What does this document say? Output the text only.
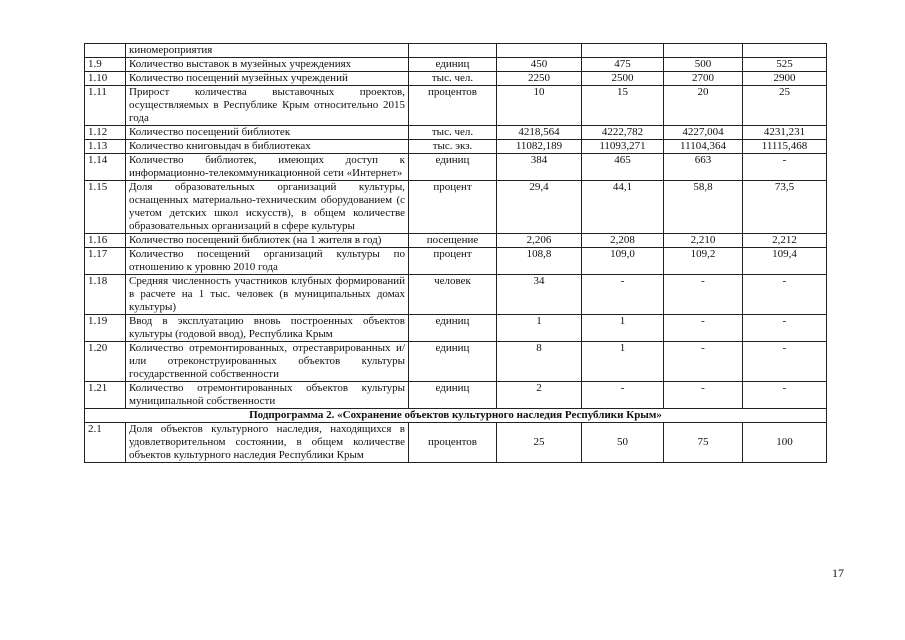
	киномероприятия					
1.9	Количество выставок в музейных учреждениях	единиц	450	475	500	525
1.10	Количество посещений музейных учреждений	тыс. чел.	2250	2500	2700	2900
1.11	Прирост количества выставочных проектов, осуществляемых в Республике Крым относительно 2015 года	процентов	10	15	20	25
1.12	Количество посещений библиотек	тыс. чел.	4218,564	4222,782	4227,004	4231,231
1.13	Количество книговыдач в библиотеках	тыс. экз.	11082,189	11093,271	11104,364	11115,468
1.14	Количество библиотек, имеющих доступ к информационно-телекоммуникационной сети «Интернет»	единиц	384	465	663	-
1.15	Доля образовательных организаций культуры, оснащенных материально-техническим оборудованием (с учетом детских школ искусств), в общем количестве образовательных организаций в сфере культуры	процент	29,4	44,1	58,8	73,5
1.16	Количество посещений библиотек (на 1 жителя в год)	посещение	2,206	2,208	2,210	2,212
1.17	Количество посещений организаций культуры по отношению к уровню 2010 года	процент	108,8	109,0	109,2	109,4
1.18	Средняя численность участников клубных формирований в расчете на 1 тыс. человек (в муниципальных домах культуры)	человек	34	-	-	-
1.19	Ввод в эксплуатацию вновь построенных объектов культуры (годовой ввод), Республика Крым	единиц	1	1	-	-
1.20	Количество отремонтированных, отреставрированных и/или отреконструированных объектов культуры государственной собственности	единиц	8	1	-	-
1.21	Количество отремонтированных объектов культуры муниципальной собственности	единиц	2	-	-	-
Подпрограмма 2. «Сохранение объектов культурного наследия Республики Крым»						
2.1	Доля объектов культурного наследия, находящихся в удовлетворительном состоянии, в общем количестве объектов культурного наследия Республики Крым	процентов	25	50	75	100
17
